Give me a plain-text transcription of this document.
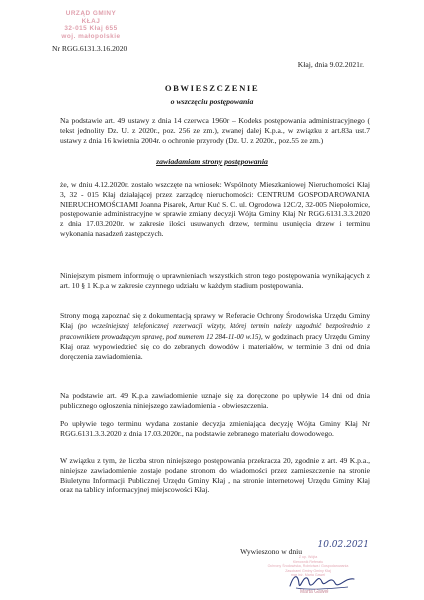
URZĄD GMINY
KŁAJ
32-015 Kłaj 655
woj. małopolskie
Nr RGG.6131.3.16.2020
Kłaj, dnia 9.02.2021r.
OBWIESZCZENIE
o wszczęciu postępowania
Na podstawie art. 49 ustawy z dnia 14 czerwca 1960r – Kodeks postępowania administracyjnego ( tekst jednolity Dz. U. z 2020r., poz. 256 ze zm.), zwanej dalej K.p.a., w związku z art.83a ust.7 ustawy z dnia 16 kwietnia 2004r. o ochronie przyrody (Dz. U. z 2020r., poz.55 ze zm.)
zawiadamiam strony postępowania
że, w dniu 4.12.2020r. zostało wszczęte na wniosek: Wspólnoty Mieszkaniowej Nieruchomości Kłaj 3, 32 - 015 Kłaj działającej przez zarządcę nieruchomości: CENTRUM GOSPODAROWANIA NIERUCHOMOŚCIAMI Joanna Pisarek, Artur Kuć S. C. ul. Ogrodowa 12C/2, 32-005 Niepołomice, postępowanie administracyjne w sprawie zmiany decyzji Wójta Gminy Kłaj Nr RGG.6131.3.3.2020 z dnia 17.03.2020r. w zakresie ilości usuwanych drzew, terminu usunięcia drzew i terminu wykonania nasadzeń zastępczych.
Niniejszym pismem informuję o uprawnieniach wszystkich stron tego postępowania wynikających z art. 10 § 1 K.p.a w zakresie czynnego udziału w każdym stadium postępowania.
Strony mogą zapoznać się z dokumentacją sprawy w Referacie Ochrony Środowiska Urzędu Gminy Kłaj (po wcześniejszej telefonicznej rezerwacji wizyty, której termin należy uzgodnić bezpośrednio z pracownikiem prowadzącym sprawę, pod numerem 12 284-11-00 w.15), w godzinach pracy Urzędu Gminy Kłaj oraz wypowiedzieć się co do zebranych dowodów i materiałów, w terminie 3 dni od dnia doręczenia zawiadomienia.
Na podstawie art. 49 K.p.a zawiadomienie uznaje się za doręczone po upływie 14 dni od dnia publicznego ogłoszenia niniejszego zawiadomienia - obwieszczenia.
Po upływie tego terminu wydana zostanie decyzja zmieniająca decyzję Wójta Gminy Kłaj Nr RGG.6131.3.3.2020 z dnia 17.03.2020r., na podstawie zebranego materiału dowodowego.
W związku z tym, że liczba stron niniejszego postępowania przekracza 20, zgodnie z art. 49 K.p.a., niniejsze zawiadomienie zostaje podane stronom do wiadomości przez zamieszczenie na stronie Biuletynu Informacji Publicznej Urzędu Gminy Kłaj , na stronie internetowej Urzędu Gminy Kłaj oraz na tablicy informacyjnej miejscowości Kłaj.
Wywieszono w dniu
10.02.2021
Z up. Wójta
Kierownik Referatu
Ochrony Środowiska, Rolnictwa i Gospodarowania
Zasobami Gminy Gminy Kłaj
mgr inż. Marta Gaweł
Marta Gaweł
